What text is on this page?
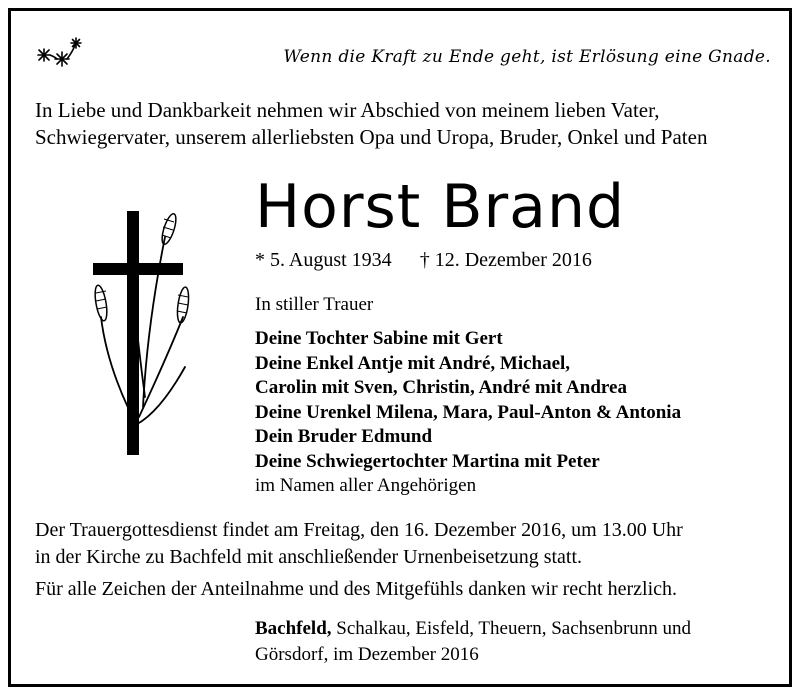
Wenn die Kraft zu Ende geht, ist Erlösung eine Gnade.
In Liebe und Dankbarkeit nehmen wir Abschied von meinem lieben Vater,
Schwiegervater, unserem allerliebsten Opa und Uropa, Bruder, Onkel und Paten
Horst Brand
* 5. August 1934 † 12. Dezember 2016
In stiller Trauer
Deine Tochter Sabine mit Gert
Deine Enkel Antje mit André, Michael,
Carolin mit Sven, Christin, André mit Andrea
Deine Urenkel Milena, Mara, Paul-Anton & Antonia
Dein Bruder Edmund
Deine Schwiegertochter Martina mit Peter
im Namen aller Angehörigen
Der Trauergottesdienst findet am Freitag, den 16. Dezember 2016, um 13.00 Uhr
in der Kirche zu Bachfeld mit anschließender Urnenbeisetzung statt.
Für alle Zeichen der Anteilnahme und des Mitgefühls danken wir recht herzlich.
Bachfeld, Schalkau, Eisfeld, Theuern, Sachsenbrunn und
Görsdorf, im Dezember 2016
